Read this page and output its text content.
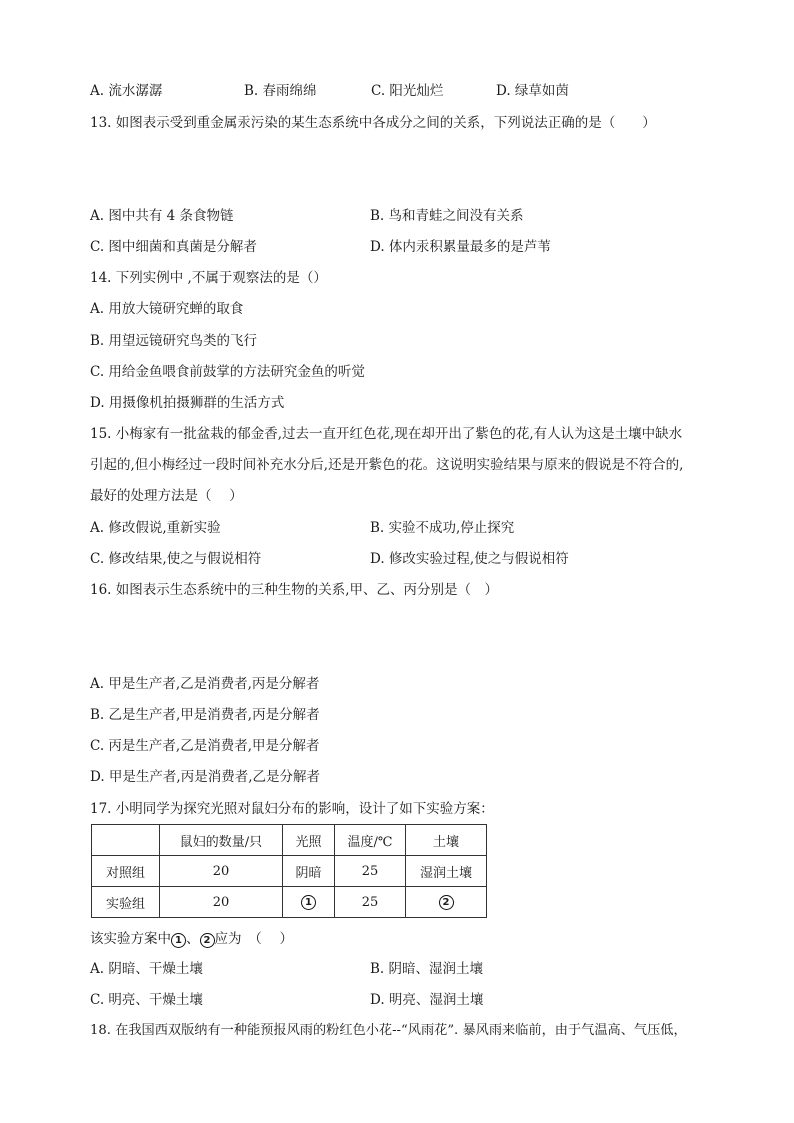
A. 流水潺潺	B. 春雨绵绵	C. 阳光灿烂	D. 绿草如茵
13. 如图表示受到重金属汞污染的某生态系统中各成分之间的关系，下列说法正确的是（　　）
A. 图中共有 4 条食物链	B. 鸟和青蛙之间没有关系
C. 图中细菌和真菌是分解者	D. 体内汞积累量最多的是芦苇
14. 下列实例中 ,不属于观察法的是（）
A. 用放大镜研究蝉的取食
B. 用望远镜研究鸟类的飞行
C. 用给金鱼喂食前鼓掌的方法研究金鱼的听觉
D. 用摄像机拍摄狮群的生活方式
15. 小梅家有一批盆栽的郁金香,过去一直开红色花,现在却开出了紫色的花,有人认为这是土壤中缺水
引起的,但小梅经过一段时间补充水分后,还是开紫色的花。这说明实验结果与原来的假说是不符合的,
最好的处理方法是（　 ）
A. 修改假说,重新实验	B. 实验不成功,停止探究
C. 修改结果,使之与假说相符	D. 修改实验过程,使之与假说相符
16. 如图表示生态系统中的三种生物的关系,甲、乙、丙分别是（　）
A. 甲是生产者,乙是消费者,丙是分解者
B. 乙是生产者,甲是消费者,丙是分解者
C. 丙是生产者,乙是消费者,甲是分解者
D. 甲是生产者,丙是消费者,乙是分解者
17. 小明同学为探究光照对鼠妇分布的影响，设计了如下实验方案：
	鼠妇的数量/只	光照	温度/℃	土壤
对照组	20	阴暗	25	湿润土壤
实验组	20	1	25	2
该实验方案中 1 、 2 应为　（　 ）
A. 阴暗、干燥土壤	B. 阴暗、湿润土壤
C. 明亮、干燥土壤	D. 明亮、湿润土壤
18. 在我国西双版纳有一种能预报风雨的粉红色小花--“风雨花”. 暴风雨来临前，由于气温高、气压低，
